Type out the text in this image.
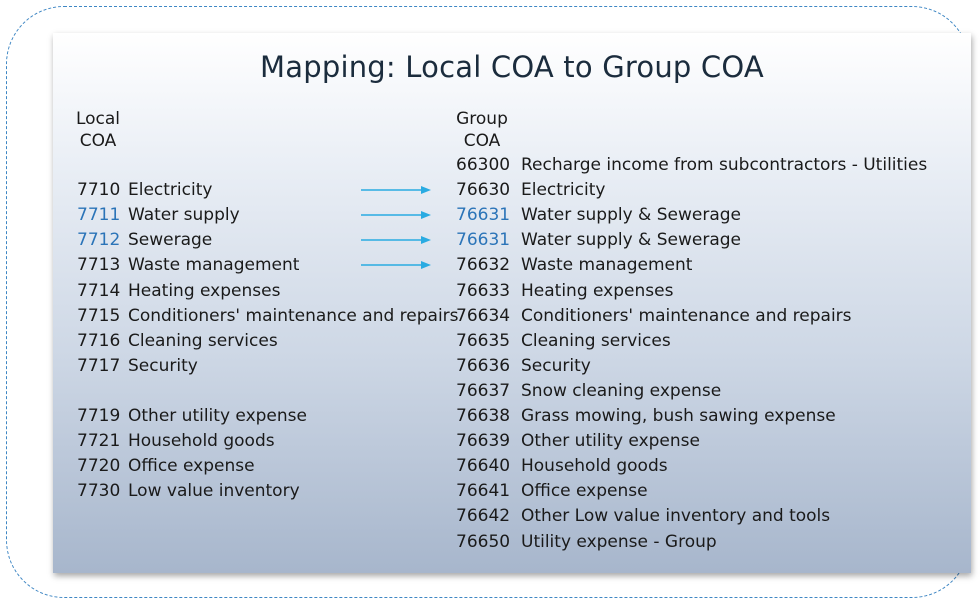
Mapping: Local COA to Group COA
Local
COA
Group
COA
7710 Electricity
7711 Water supply
7712 Sewerage
7713 Waste management
7714 Heating expenses
7715 Conditioners' maintenance and repairs
7716 Cleaning services
7717 Security
7719 Other utility expense
7721 Household goods
7720 Office expense
7730 Low value inventory
66300 Recharge income from subcontractors - Utilities
76630 Electricity
76631 Water supply & Sewerage
76631 Water supply & Sewerage
76632 Waste management
76633 Heating expenses
76634 Conditioners' maintenance and repairs
76635 Cleaning services
76636 Security
76637 Snow cleaning expense
76638 Grass mowing, bush sawing expense
76639 Other utility expense
76640 Household goods
76641 Office expense
76642 Other Low value inventory and tools
76650 Utility expense - Group
